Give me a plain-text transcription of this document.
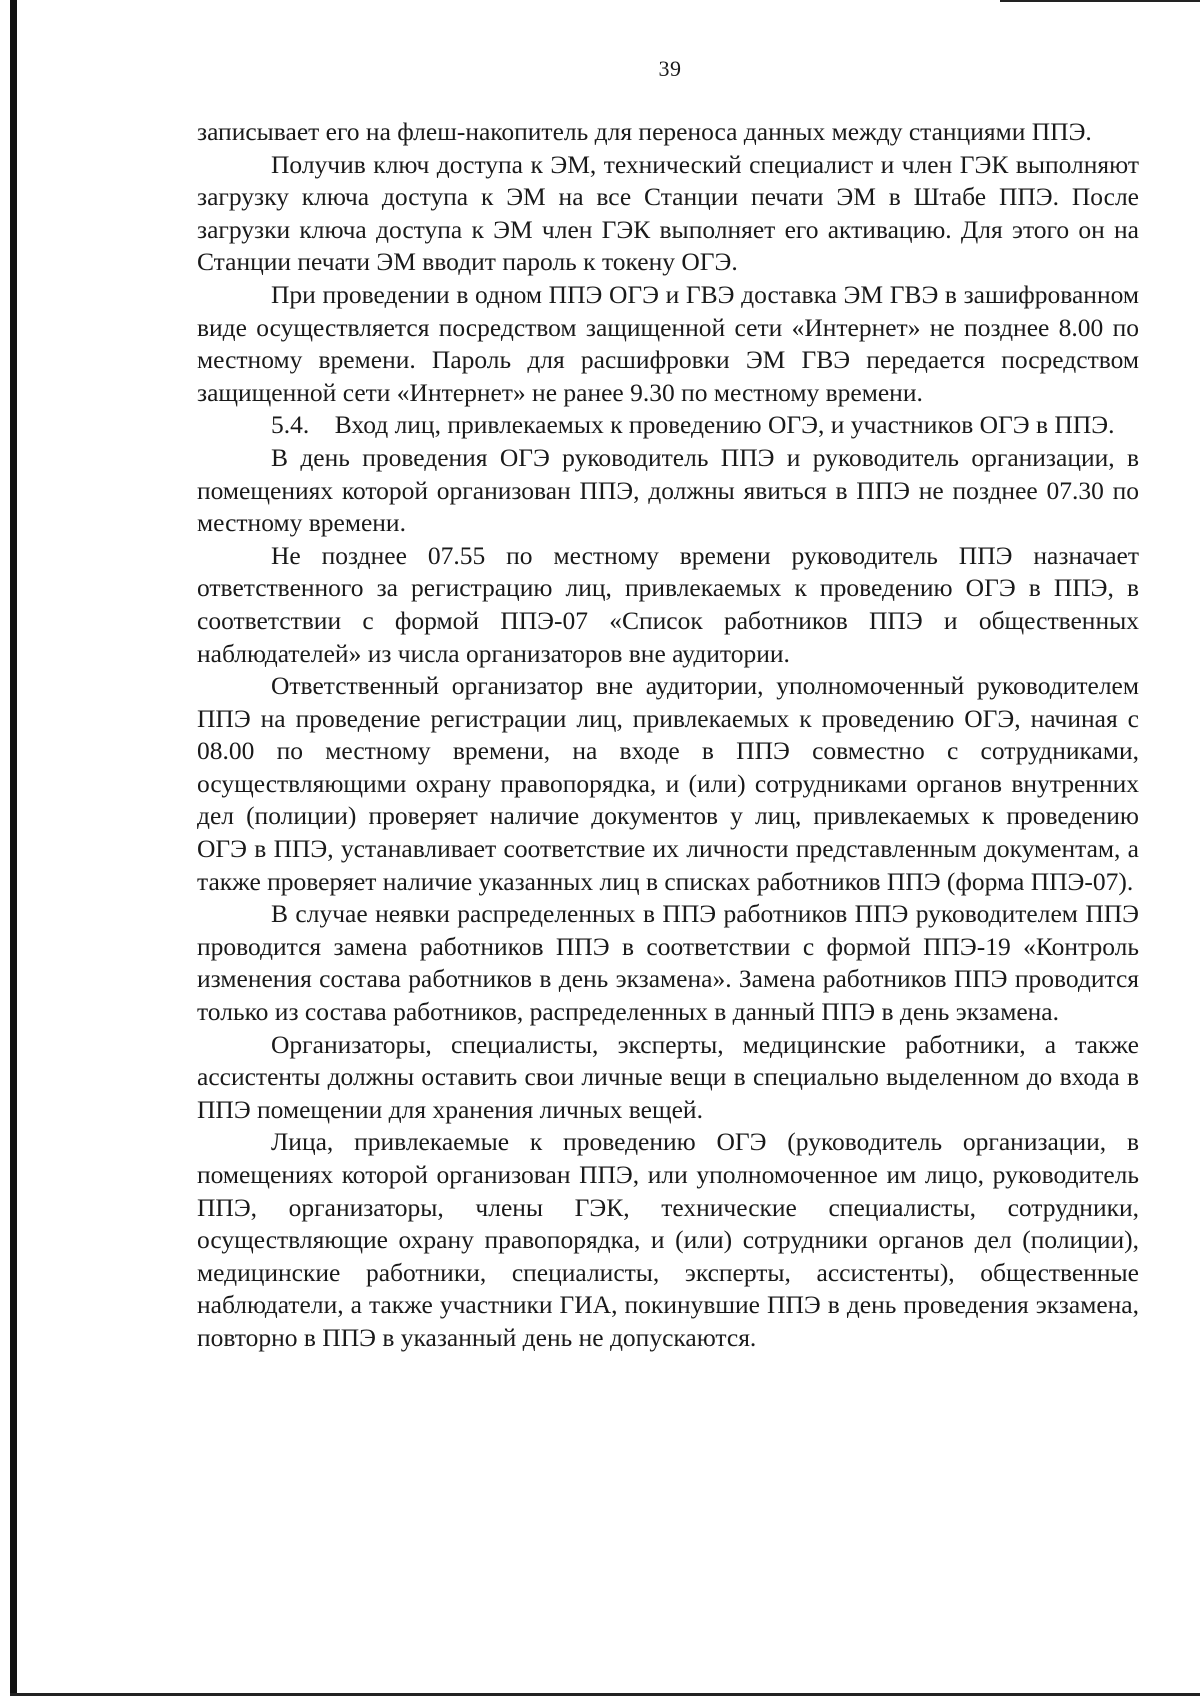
39

записывает его на флеш-накопитель для переноса данных между станциями ППЭ.

Получив ключ доступа к ЭМ, технический специалист и член ГЭК выполняют загрузку ключа доступа к ЭМ на все Станции печати ЭМ в Штабе ППЭ. После загрузки ключа доступа к ЭМ член ГЭК выполняет его активацию. Для этого он на Станции печати ЭМ вводит пароль к токену ОГЭ.

При проведении в одном ППЭ ОГЭ и ГВЭ доставка ЭМ ГВЭ в зашифрованном виде осуществляется посредством защищенной сети «Интернет» не позднее 8.00 по местному времени. Пароль для расшифровки ЭМ ГВЭ передается посредством защищенной сети «Интернет» не ранее 9.30 по местному времени.

5.4. Вход лиц, привлекаемых к проведению ОГЭ, и участников ОГЭ в ППЭ.

В день проведения ОГЭ руководитель ППЭ и руководитель организации, в помещениях которой организован ППЭ, должны явиться в ППЭ не позднее 07.30 по местному времени.

Не позднее 07.55 по местному времени руководитель ППЭ назначает ответственного за регистрацию лиц, привлекаемых к проведению ОГЭ в ППЭ, в соответствии с формой ППЭ-07 «Список работников ППЭ и общественных наблюдателей» из числа организаторов вне аудитории.

Ответственный организатор вне аудитории, уполномоченный руководителем ППЭ на проведение регистрации лиц, привлекаемых к проведению ОГЭ, начиная с 08.00 по местному времени, на входе в ППЭ совместно с сотрудниками, осуществляющими охрану правопорядка, и (или) сотрудниками органов внутренних дел (полиции) проверяет наличие документов у лиц, привлекаемых к проведению ОГЭ в ППЭ, устанавливает соответствие их личности представленным документам, а также проверяет наличие указанных лиц в списках работников ППЭ (форма ППЭ-07).

В случае неявки распределенных в ППЭ работников ППЭ руководителем ППЭ проводится замена работников ППЭ в соответствии с формой ППЭ-19 «Контроль изменения состава работников в день экзамена». Замена работников ППЭ проводится только из состава работников, распределенных в данный ППЭ в день экзамена.

Организаторы, специалисты, эксперты, медицинские работники, а также ассистенты должны оставить свои личные вещи в специально выделенном до входа в ППЭ помещении для хранения личных вещей.

Лица, привлекаемые к проведению ОГЭ (руководитель организации, в помещениях которой организован ППЭ, или уполномоченное им лицо, руководитель ППЭ, организаторы, члены ГЭК, технические специалисты, сотрудники, осуществляющие охрану правопорядка, и (или) сотрудники органов дел (полиции), медицинские работники, специалисты, эксперты, ассистенты), общественные наблюдатели, а также участники ГИА, покинувшие ППЭ в день проведения экзамена, повторно в ППЭ в указанный день не допускаются.
